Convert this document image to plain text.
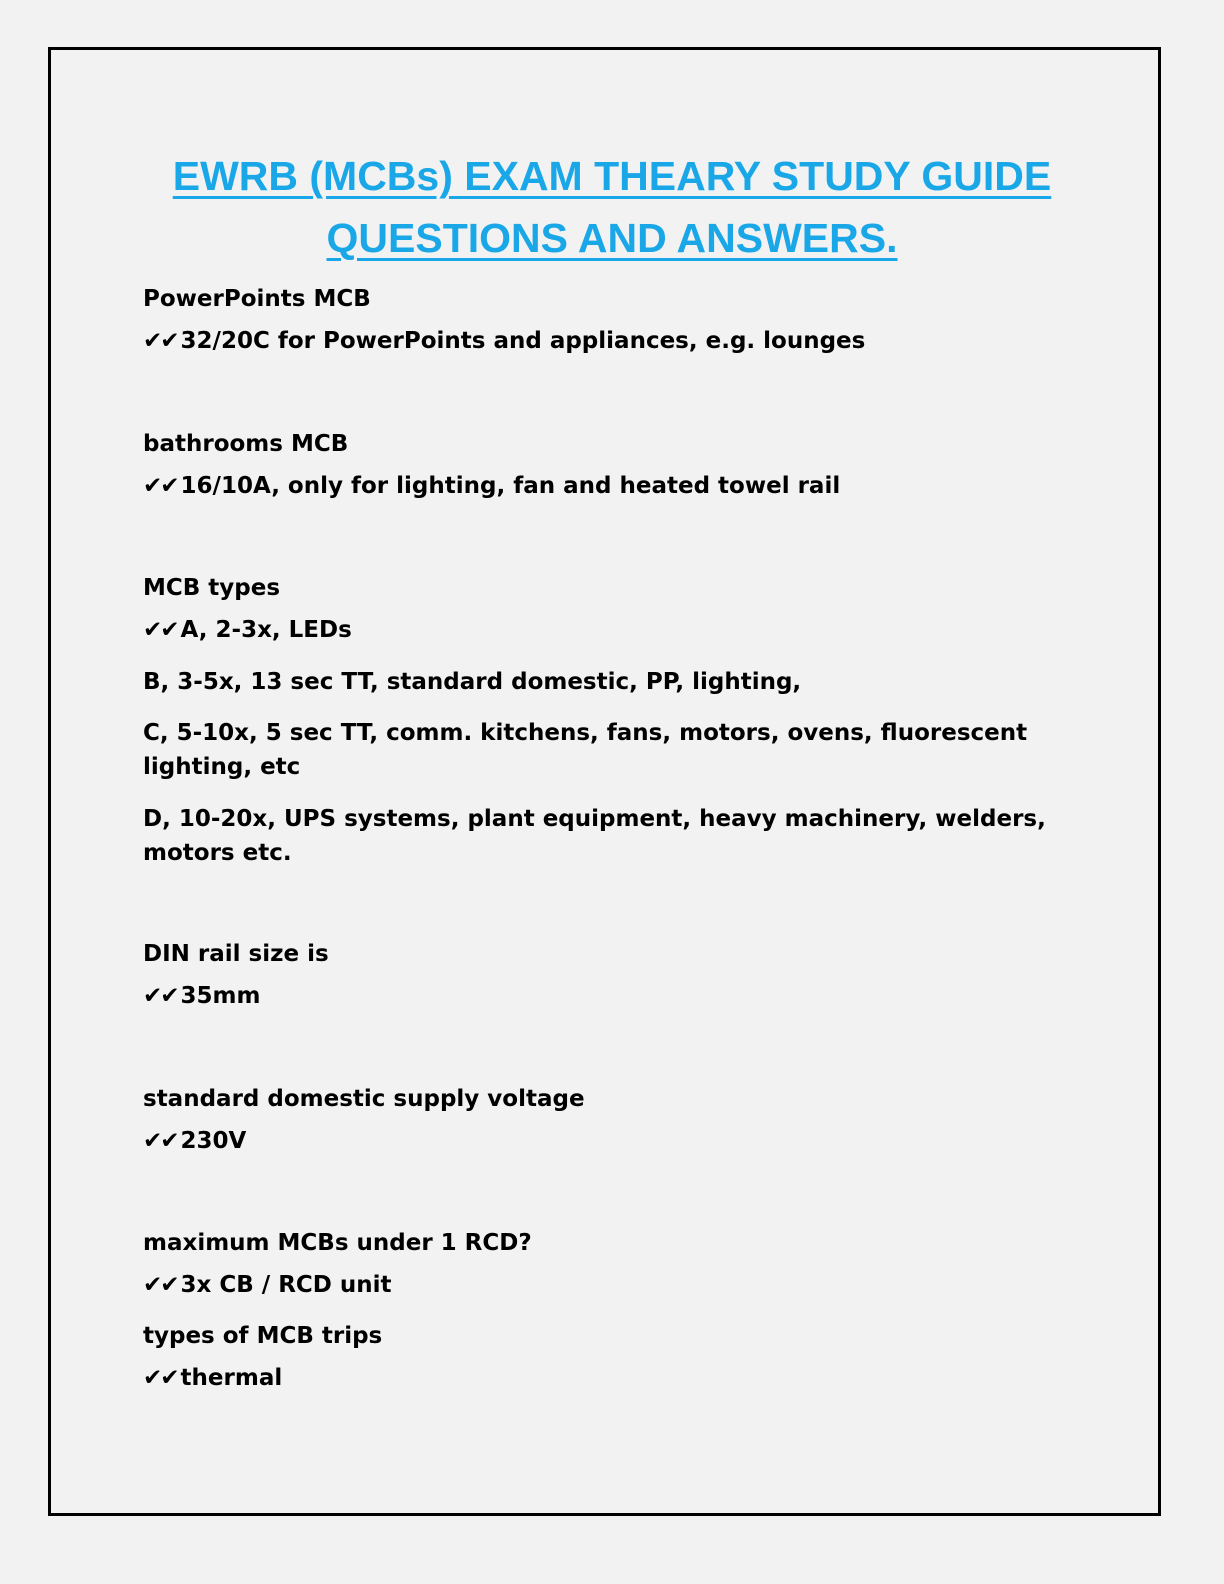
EWRB (MCBs) EXAM THEARY STUDY GUIDE
QUESTIONS AND ANSWERS.

PowerPoints MCB

✔✔ 32/20C for PowerPoints and appliances, e.g. lounges

bathrooms MCB

✔✔ 16/10A, only for lighting, fan and heated towel rail

MCB types

✔✔ A, 2-3x, LEDs

B, 3-5x, 13 sec TT, standard domestic, PP, lighting,

C, 5-10x, 5 sec TT, comm. kitchens, fans, motors, ovens, fluorescent

lighting, etc

D, 10-20x, UPS systems, plant equipment, heavy machinery, welders,

motors etc.

DIN rail size is

✔✔ 35mm

standard domestic supply voltage

✔✔ 230V

maximum MCBs under 1 RCD?

✔✔ 3x CB / RCD unit

types of MCB trips

✔✔ thermal
